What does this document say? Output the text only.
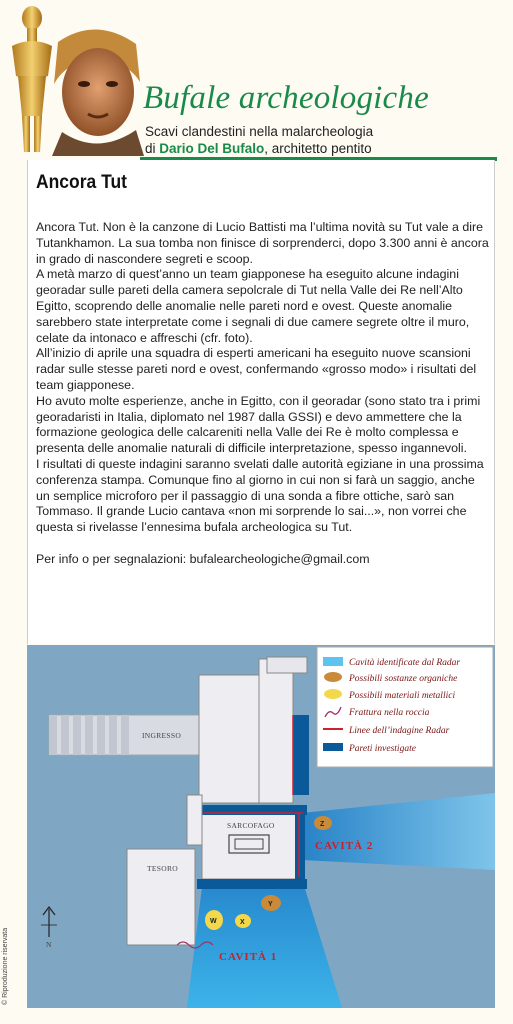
Bufale archeologiche
Scavi clandestini nella malarcheologia
di Dario Del Bufalo, architetto pentito
Ancora Tut

Ancora Tut. Non è la canzone di Lucio Battisti ma l’ultima novità su Tut vale a dire Tutankhamon. La sua tomba non finisce di sorprenderci, dopo 3.300 anni è ancora in grado di nascondere segreti e scoop.

A metà marzo di quest’anno un team giapponese ha eseguito alcune indagini georadar sulle pareti della camera sepolcrale di Tut nella Valle dei Re nell’Alto Egitto, scoprendo delle anomalie nelle pareti nord e ovest. Queste anomalie sarebbero state interpretate come i segnali di due camere segrete oltre il muro, celate da intonaco e affreschi (cfr. foto).

All’inizio di aprile una squadra di esperti americani ha eseguito nuove scansioni radar sulle stesse pareti nord e ovest, confermando «grosso modo» i risultati del team giapponese.

Ho avuto molte esperienze, anche in Egitto, con il georadar (sono stato tra i primi georadaristi in Italia, diplomato nel 1987 dalla GSSI) e devo ammettere che la formazione geologica delle calcareniti nella Valle dei Re è molto complessa e presenta delle anomalie naturali di difficile interpretazione, spesso ingannevoli.

I risultati di queste indagini saranno svelati dalle autorità egiziane in una prossima conferenza stampa. Comunque fino al giorno in cui non si farà un saggio, anche un semplice microforo per il passaggio di una sonda a fibre ottiche, sarò san Tommaso. Il grande Lucio cantava «non mi sorprende lo sai...», non vorrei che questa si rivelasse l’ennesima bufala archeologica su Tut.

Per info o per segnalazioni: bufalearcheologiche@gmail.com

INGRESSO
SARCOFAGO
TESORO
CAVITÀ 2
CAVITÀ 1
Z
Y
W	X
N
Cavità identificate dal Radar
Possibili sostanze organiche
Possibili materiali metallici
Frattura nella roccia
Linee dell’indagine Radar
Pareti investigate
© Riproduzione riservata
